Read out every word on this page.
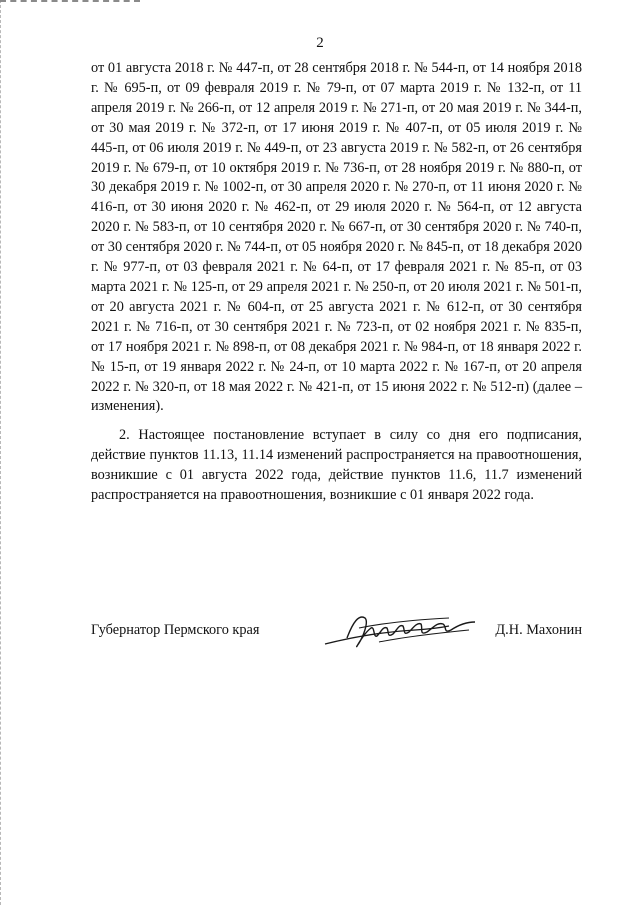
2

от 01 августа 2018 г. № 447-п, от 28 сентября 2018 г. № 544-п, от 14 ноября 2018 г. № 695-п, от 09 февраля 2019 г. № 79-п, от 07 марта 2019 г. № 132-п, от 11 апреля 2019 г. № 266-п, от 12 апреля 2019 г. № 271-п, от 20 мая 2019 г. № 344-п, от 30 мая 2019 г. № 372-п, от 17 июня 2019 г. № 407-п, от 05 июля 2019 г. № 445-п, от 06 июля 2019 г. № 449-п, от 23 августа 2019 г. № 582-п, от 26 сентября 2019 г. № 679-п, от 10 октября 2019 г. № 736-п, от 28 ноября 2019 г. № 880-п, от 30 декабря 2019 г. № 1002-п, от 30 апреля 2020 г. № 270-п, от 11 июня 2020 г. № 416-п, от 30 июня 2020 г. № 462-п, от 29 июля 2020 г. № 564-п, от 12 августа 2020 г. № 583-п, от 10 сентября 2020 г. № 667-п, от 30 сентября 2020 г. № 740-п, от 30 сентября 2020 г. № 744-п, от 05 ноября 2020 г. № 845-п, от 18 декабря 2020 г. № 977-п, от 03 февраля 2021 г. № 64-п, от 17 февраля 2021 г. № 85-п, от 03 марта 2021 г. № 125-п, от 29 апреля 2021 г. № 250-п, от 20 июля 2021 г. № 501-п, от 20 августа 2021 г. № 604-п, от 25 августа 2021 г. № 612-п, от 30 сентября 2021 г. № 716-п, от 30 сентября 2021 г. № 723-п, от 02 ноября 2021 г. № 835-п, от 17 ноября 2021 г. № 898-п, от 08 декабря 2021 г. № 984-п, от 18 января 2022 г. № 15-п, от 19 января 2022 г. № 24-п, от 10 марта 2022 г. № 167-п, от 20 апреля 2022 г. № 320-п, от 18 мая 2022 г. № 421-п, от 15 июня 2022 г. № 512-п) (далее – изменения).

2. Настоящее постановление вступает в силу со дня его подписания, действие пунктов 11.13, 11.14 изменений распространяется на правоотношения, возникшие с 01 августа 2022 года, действие пунктов 11.6, 11.7 изменений распространяется на правоотношения, возникшие с 01 января 2022 года.

Губернатор Пермского края	Д.Н. Махонин
